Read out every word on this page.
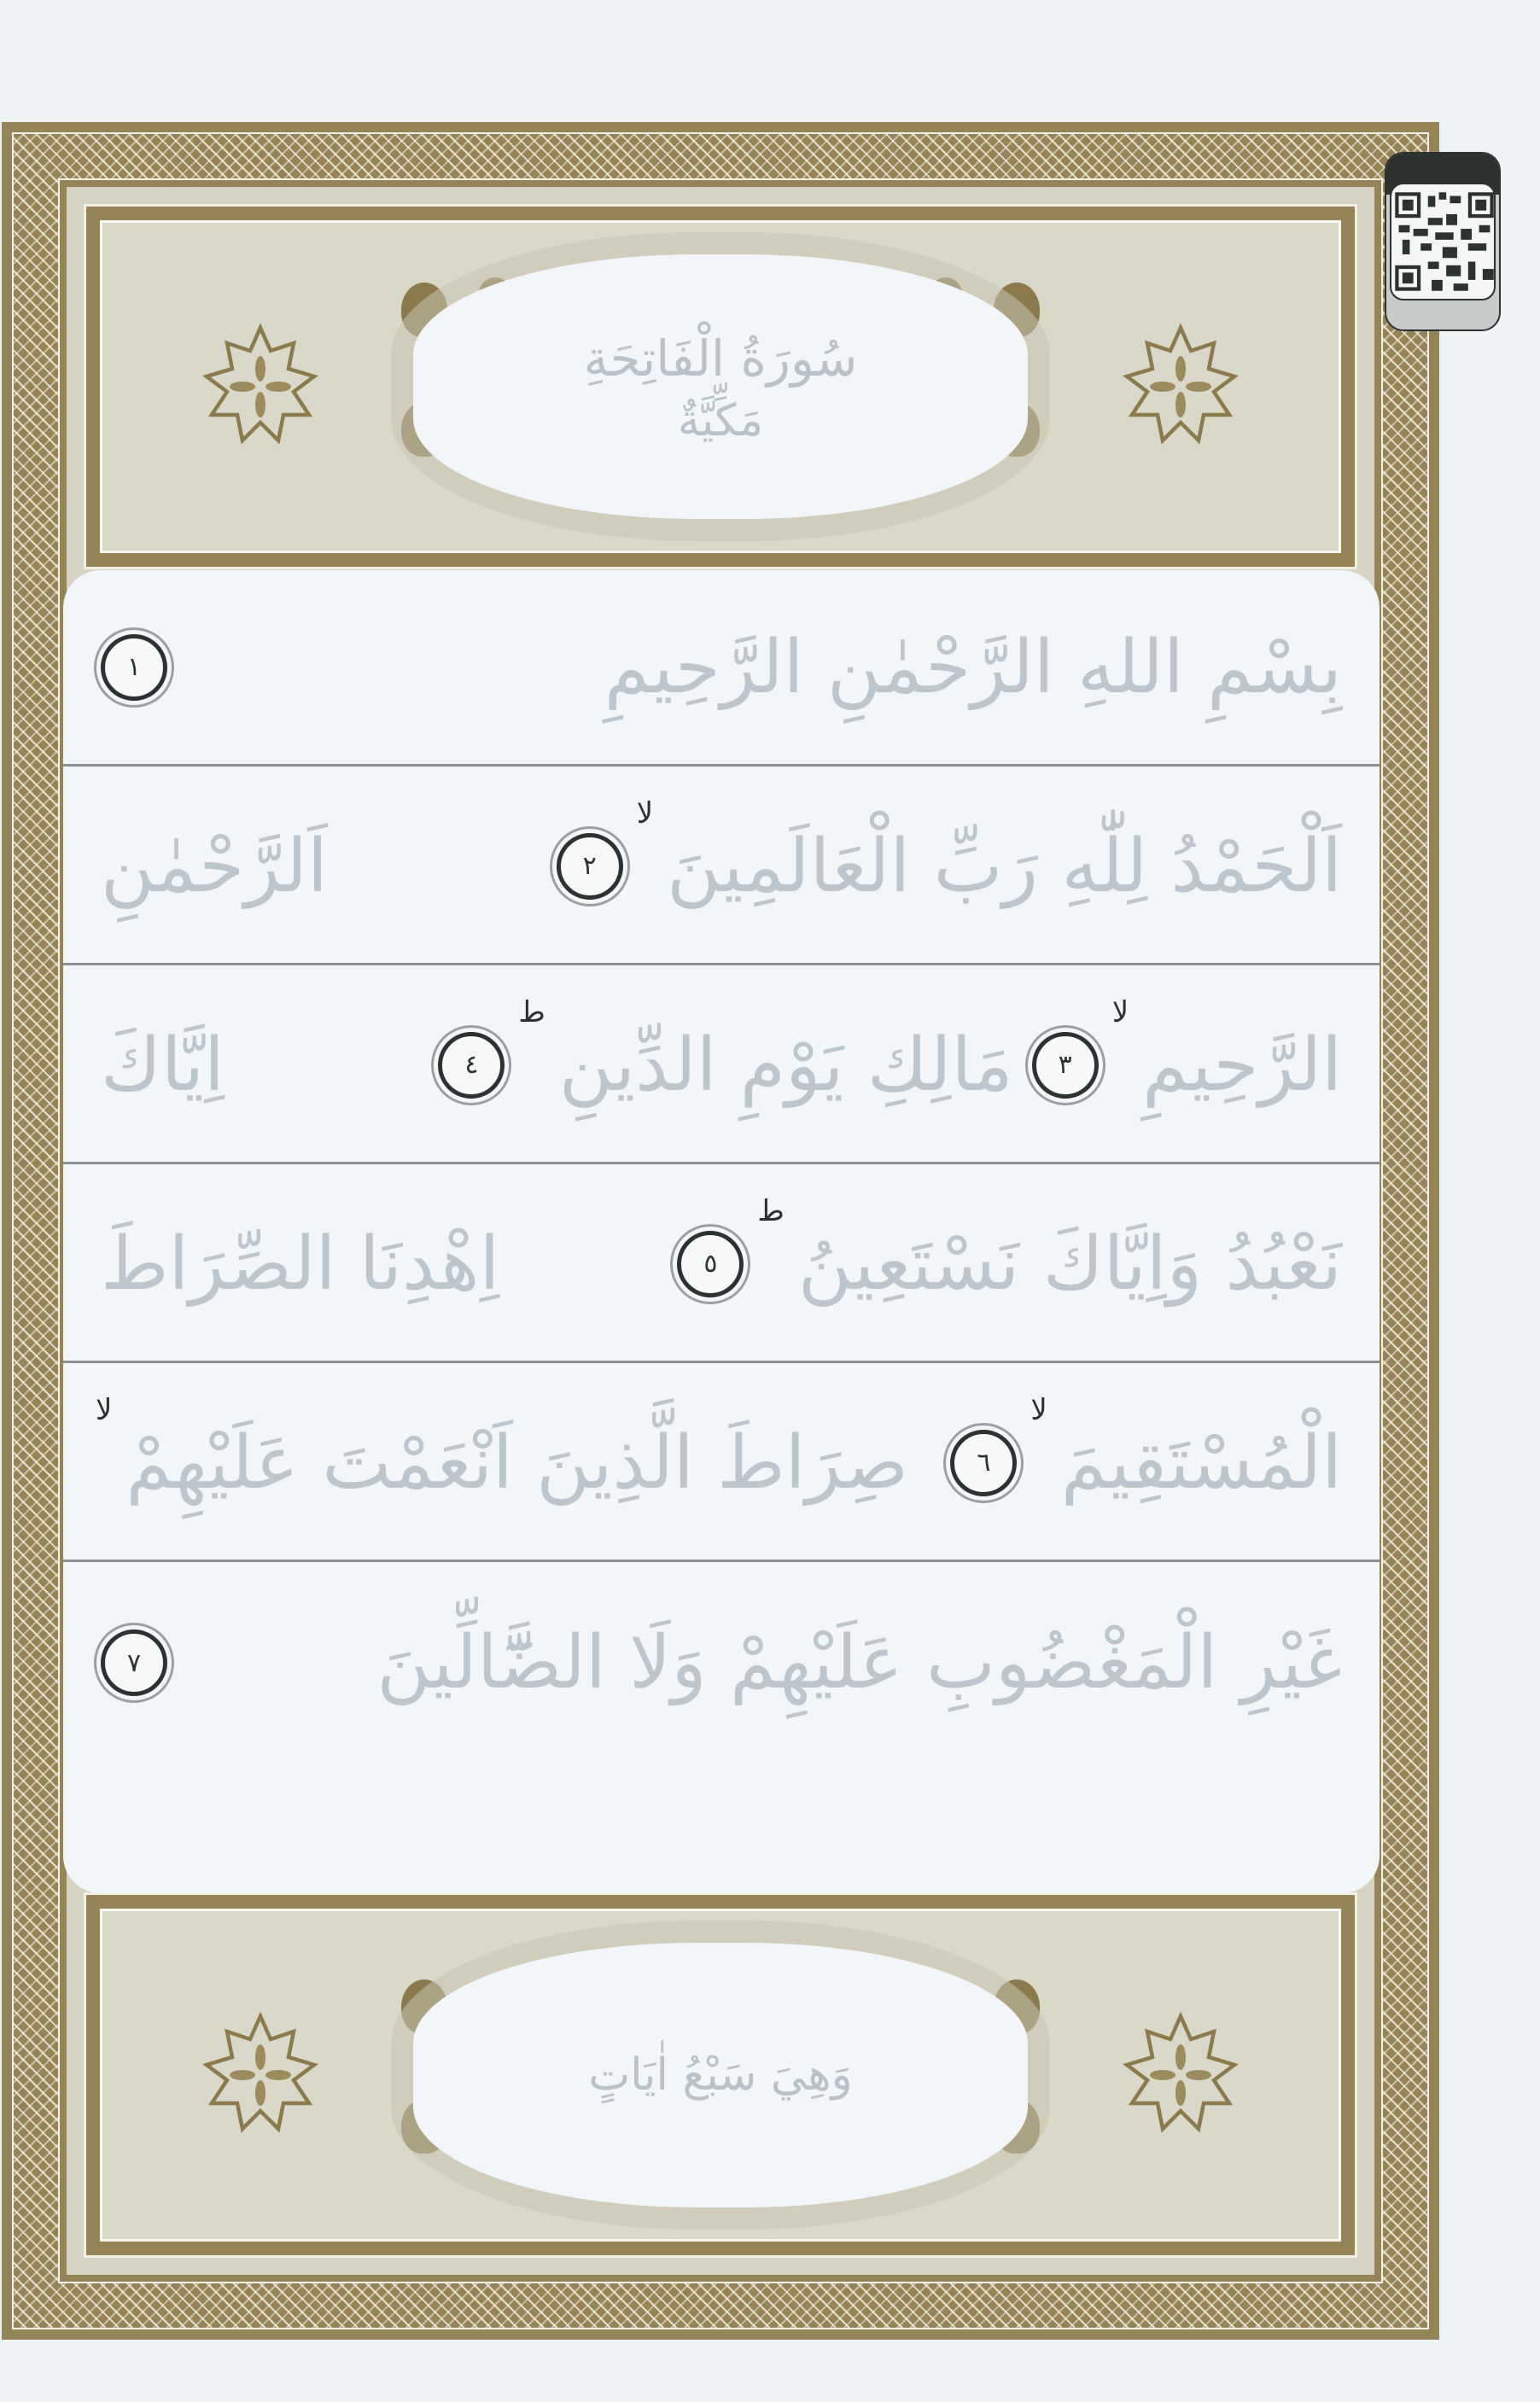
سُورَةُ الْفَاتِحَةِ
مَكِّيَّةٌ
وَهِيَ سَبْعُ اٰيَاتٍ
بِسْمِ اللهِ الرَّحْمٰنِ الرَّحِيمِ
١
اَلْحَمْدُ لِلّٰهِ رَبِّ الْعَالَمِينَ
لا
٢
اَلرَّحْمٰنِ
الرَّحِيمِ
لا
٣
مَالِكِ يَوْمِ الدِّينِ
ط
٤
اِيَّاكَ
نَعْبُدُ وَاِيَّاكَ نَسْتَعِينُ
ط
٥
اِهْدِنَا الصِّرَاطَ
الْمُسْتَقِيمَ
لا
٦
صِرَاطَ الَّذِينَ اَنْعَمْتَ عَلَيْهِمْ
لا
غَيْرِ الْمَغْضُوبِ عَلَيْهِمْ وَلَا الضَّٓالِّينَ
٧
